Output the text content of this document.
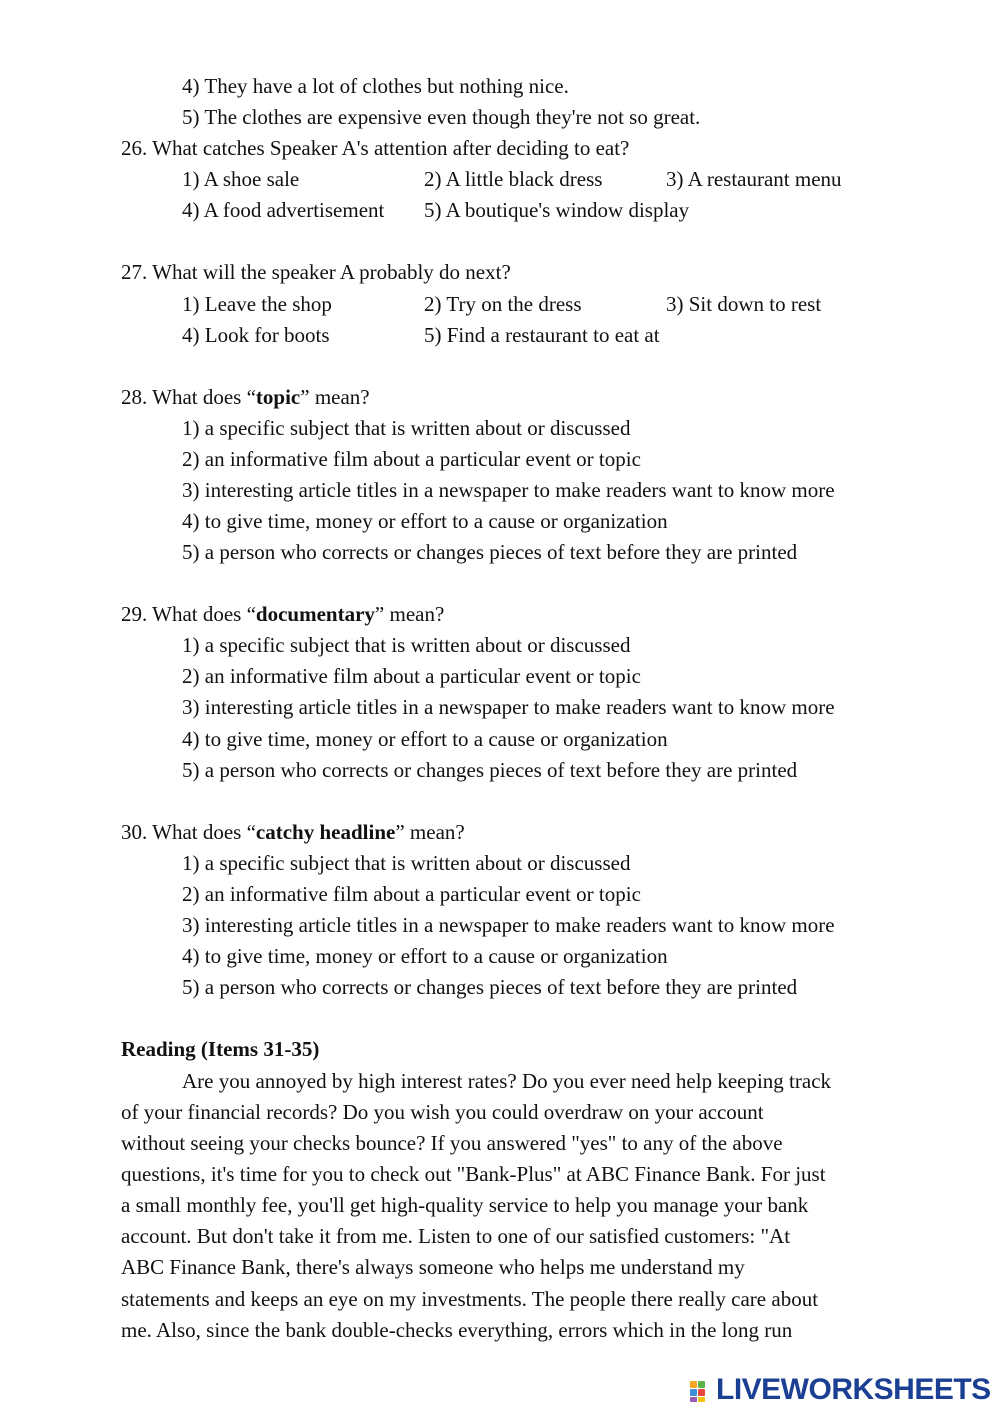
4) They have a lot of clothes but nothing nice.
5) The clothes are expensive even though they're not so great.
26. What catches Speaker A's attention after deciding to eat?
1) A shoe sale	2) A little black dress	3) A restaurant menu
4) A food advertisement 5) A boutique's window display
27. What will the speaker A probably do next?
1) Leave the shop	2) Try on the dress	3) Sit down to rest
4) Look for boots	5) Find a restaurant to eat at
28. What does “topic” mean?
1) a specific subject that is written about or discussed
2) an informative film about a particular event or topic
3) interesting article titles in a newspaper to make readers want to know more
4) to give time, money or effort to a cause or organization
5) a person who corrects or changes pieces of text before they are printed
29. What does “documentary” mean?
1) a specific subject that is written about or discussed
2) an informative film about a particular event or topic
3) interesting article titles in a newspaper to make readers want to know more
4) to give time, money or effort to a cause or organization
5) a person who corrects or changes pieces of text before they are printed
30. What does “catchy headline” mean?
1) a specific subject that is written about or discussed
2) an informative film about a particular event or topic
3) interesting article titles in a newspaper to make readers want to know more
4) to give time, money or effort to a cause or organization
5) a person who corrects or changes pieces of text before they are printed
Reading (Items 31-35)
Are you annoyed by high interest rates? Do you ever need help keeping track
of your financial records? Do you wish you could overdraw on your account
without seeing your checks bounce? If you answered "yes" to any of the above
questions, it's time for you to check out "Bank-Plus" at ABC Finance Bank. For just
a small monthly fee, you'll get high-quality service to help you manage your bank
account. But don't take it from me. Listen to one of our satisfied customers: "At
ABC Finance Bank, there's always someone who helps me understand my
statements and keeps an eye on my investments. The people there really care about
me. Also, since the bank double-checks everything, errors which in the long run
LIVEWORKSHEETS
